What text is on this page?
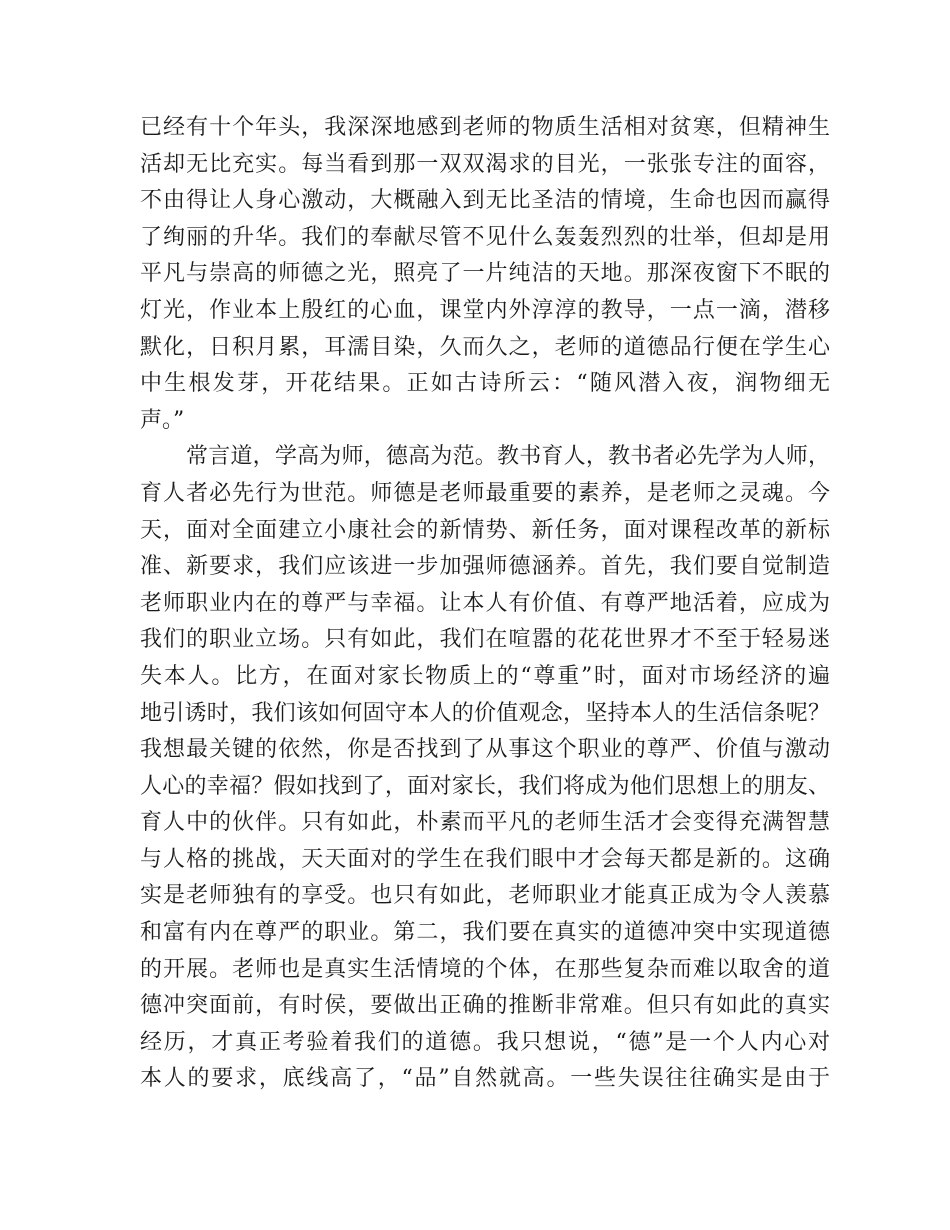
已经有十个年头，我深深地感到老师的物质生活相对贫寒，但精神生
活却无比充实。每当看到那一双双渴求的目光，一张张专注的面容，
不由得让人身心激动，大概融入到无比圣洁的情境，生命也因而赢得
了绚丽的升华。我们的奉献尽管不见什么轰轰烈烈的壮举，但却是用
平凡与崇高的师德之光，照亮了一片纯洁的天地。那深夜窗下不眠的
灯光，作业本上殷红的心血，课堂内外淳淳的教导，一点一滴，潜移
默化，日积月累，耳濡目染，久而久之，老师的道德品行便在学生心
中生根发芽，开花结果。正如古诗所云：“随风潜入夜，润物细无
声。”
常言道，学高为师，德高为范。教书育人，教书者必先学为人师，
育人者必先行为世范。师德是老师最重要的素养，是老师之灵魂。今
天，面对全面建立小康社会的新情势、新任务，面对课程改革的新标
准、新要求，我们应该进一步加强师德涵养。首先，我们要自觉制造
老师职业内在的尊严与幸福。让本人有价值、有尊严地活着，应成为
我们的职业立场。只有如此，我们在喧嚣的花花世界才不至于轻易迷
失本人。比方，在面对家长物质上的“尊重”时，面对市场经济的遍
地引诱时，我们该如何固守本人的价值观念，坚持本人的生活信条呢？
我想最关键的依然，你是否找到了从事这个职业的尊严、价值与激动
人心的幸福？假如找到了，面对家长，我们将成为他们思想上的朋友、
育人中的伙伴。只有如此，朴素而平凡的老师生活才会变得充满智慧
与人格的挑战，天天面对的学生在我们眼中才会每天都是新的。这确
实是老师独有的享受。也只有如此，老师职业才能真正成为令人羡慕
和富有内在尊严的职业。第二，我们要在真实的道德冲突中实现道德
的开展。老师也是真实生活情境的个体，在那些复杂而难以取舍的道
德冲突面前，有时侯，要做出正确的推断非常难。但只有如此的真实
经历，才真正考验着我们的道德。我只想说，“德”是一个人内心对
本人的要求，底线高了，“品”自然就高。一些失误往往确实是由于
